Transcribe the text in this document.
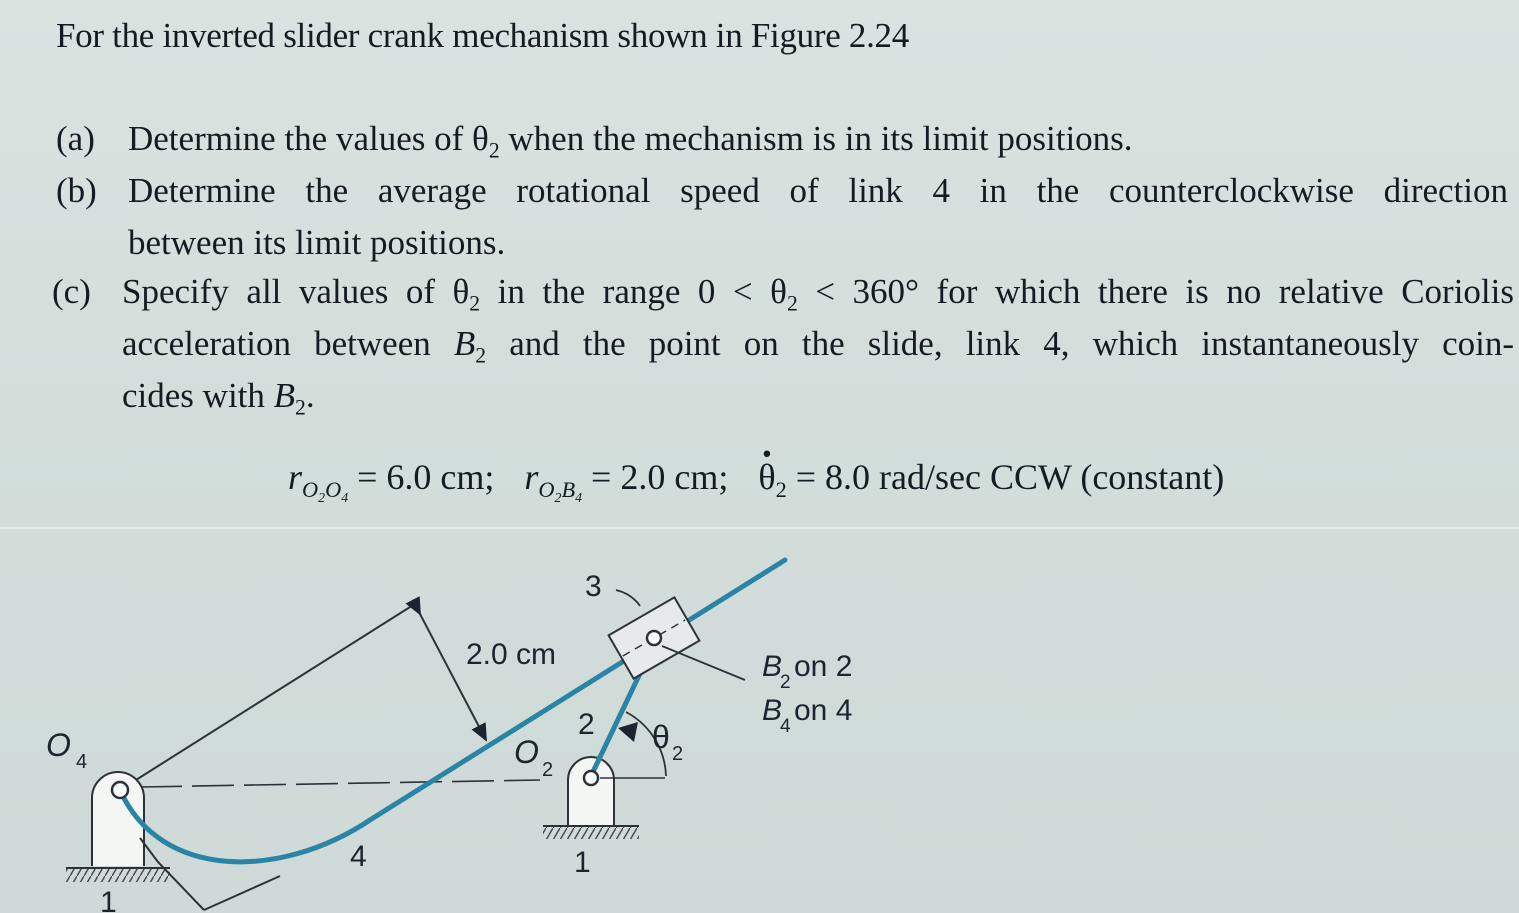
For the inverted slider crank mechanism shown in Figure 2.24
(a) Determine the values of $\theta_2$ when the mechanism is in its limit positions.
(b) Determine the average rotational speed of link 4 in the counterclockwise direction
between its limit positions.
(c) Specify all values of $\theta_2$ in the range $0 < \theta_2 < 360^\circ$ for which there is no relative Coriolis
acceleration between $B_2$ and the point on the slide, link 4, which instantaneously coin-
cides with $B_2$.
$r_{O_2O_4} = 6.0$ cm; $r_{O_2B_4} = 2.0$ cm;· $\theta_2 = 8.0$ rad/sec CCW (constant)
2.0 cm
3
2
4	1
1
O 4	O 2
θ 2
B
2 on 2
B
4 on 4
